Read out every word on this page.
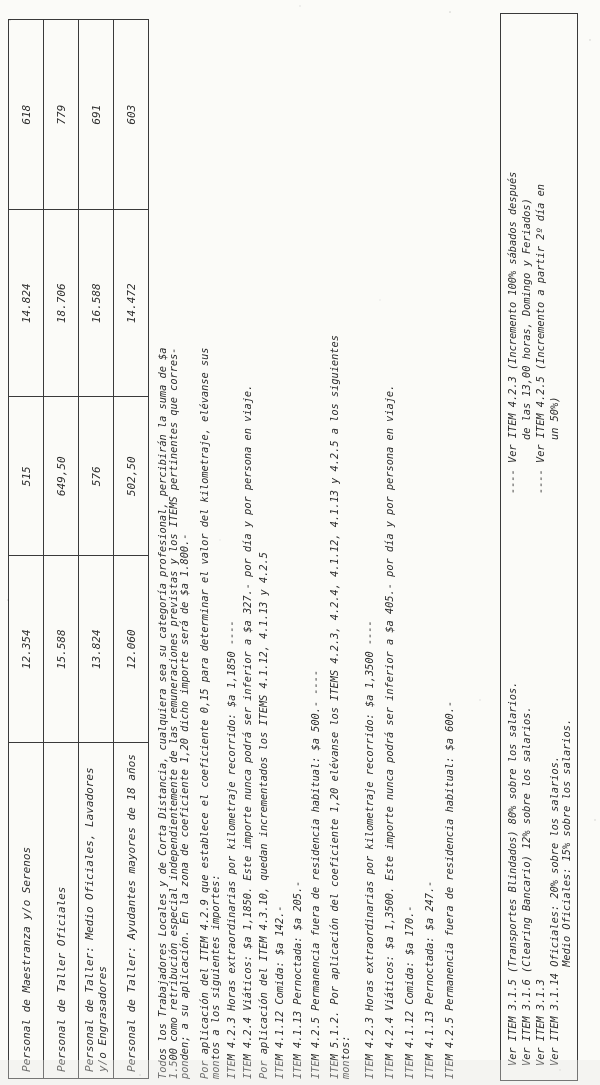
Personal de Maestranza y/o Serenos	12.354	515	14.824	618
Personal de Taller Oficiales	15.588	649,50	18.706	779
Personal de Taller: Medio Oficiales, Lavadores y/o Engrasadores	13.824	576	16.588	691
Personal de Taller: Ayudantes mayores de 18 años	12.060	502,50	14.472	603
Todos los Trabajadores Locales y de Corta Distancia, cualquiera sea su categoría profesional, percibirán la suma de $a 1.500 como retribución especial independientemente de las remuneraciones previstas y los ITEMS pertinentes que corres- ponden; a su aplicación. En la zona de coeficiente 1,20 dicho importe será de $a 1.800.- Por aplicación del ITEM 4.2.9 que establece el coeficiente 0,15 para determinar el valor del kilometraje, elévanse sus montos a los siguientes importes: ITEM 4.2.3 Horas extraordinarias por kilometraje recorrido: $a 1,1850 ---- ITEM 4.2.4 Viáticos: $a 1,1850. Este importe nunca podrá ser inferior a $a 327.- por día y por persona en viaje. Por aplicación del ITEM 4.3.10, quedan incrementados los ITEMS 4.1.12, 4.1.13 y 4.2.5 ITEM 4.1.12 Comida: $a 142.- ITEM 4.1.13 Pernoctada: $a 205.- ITEM 4.2.5 Permanencia fuera de residencia habitual: $a 500.- ---- ITEM 5.1.2. Por aplicación del coeficiente 1,20 elévanse los ITEMS 4.2.3, 4.2.4, 4.1.12, 4.1.13 y 4.2.5 a los siguientes montos: ITEM 4.2.3 Horas extraordinarias por kilometraje recorrido: $a 1,3500 ---- ITEM 4.2.4 Viáticos: $a 1,3500. Este importe nunca podrá ser inferior a $a 405.- por día y por persona en viaje. ITEM 4.1.12 Comida: $a 170.- ITEM 4.1.13 Pernoctada: $a 247.- ITEM 4.2.5 Permanencia fuera de residencia habitual: $a 600.-	Ver ITEM 3.1.5 (Transportes Blindados) 80% sobre los salarios. Ver ITEM 3.1.6 (Clearing Bancario) 12% sobre los salarios. Ver ITEM 3.1.3 Ver ITEM 3.1.14 Oficiales: 20% sobre los salarios. Medio Oficiales: 15% sobre los salarios.
---- Ver ITEM 4.2.3 (Incremento 100% sábados después de las 13,00 horas, Domingo y Feriados) ---- Ver ITEM 4.2.5 (Incremento a partir 2º día en un 50%)
